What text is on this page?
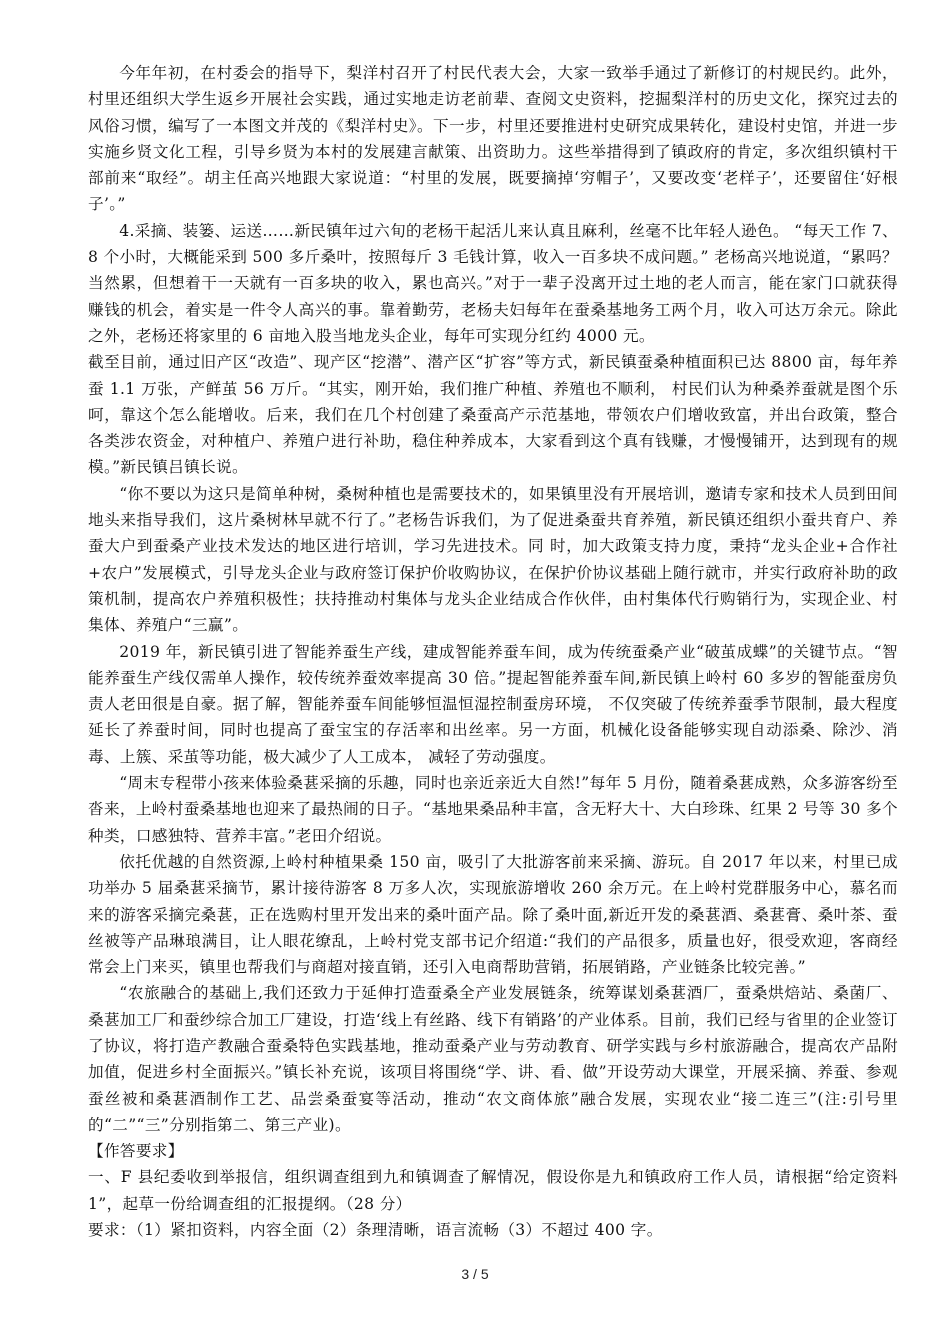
今年年初，在村委会的指导下，梨洋村召开了村民代表大会，大家一致举手通过了新修订的村规民约。此外，村里还组织大学生返乡开展社会实践，通过实地走访老前辈、查阅文史资料，挖掘梨洋村的历史文化，探究过去的风俗习惯，编写了一本图文并茂的《梨洋村史》。下一步，村里还要推进村史研究成果转化，建设村史馆，并进一步实施乡贤文化工程，引导乡贤为本村的发展建言献策、出资助力。这些举措得到了镇政府的肯定，多次组织镇村干部前来“取经”。胡主任高兴地跟大家说道：“村里的发展，既要摘掉‘穷帽子’，又要改变‘老样子’，还要留住‘好根子’。”

4.采摘、装篓、运送……新民镇年过六旬的老杨干起活儿来认真且麻利，丝毫不比年轻人逊色。 “每天工作 7、8 个小时，大概能采到 500 多斤桑叶，按照每斤 3 毛钱计算，收入一百多块不成问题。” 老杨高兴地说道，“累吗？当然累，但想着干一天就有一百多块的收入，累也高兴。”对于一辈子没离开过土地的老人而言，能在家门口就获得赚钱的机会，着实是一件令人高兴的事。靠着勤劳，老杨夫妇每年在蚕桑基地务工两个月，收入可达万余元。除此之外，老杨还将家里的 6 亩地入股当地龙头企业，每年可实现分红约 4000 元。

截至目前，通过旧产区“改造”、现产区“挖潜”、潜产区“扩容”等方式，新民镇蚕桑种植面积已达 8800 亩，每年养蚕 1.1 万张，产鲜茧 56 万斤。“其实，刚开始，我们推广种植、养殖也不顺利， 村民们认为种桑养蚕就是图个乐呵，靠这个怎么能增收。后来，我们在几个村创建了桑蚕高产示范基地，带领农户们增收致富，并出台政策，整合各类涉农资金，对种植户、养殖户进行补助，稳住种养成本，大家看到这个真有钱赚，才慢慢铺开，达到现有的规模。”新民镇吕镇长说。

“你不要以为这只是简单种树，桑树种植也是需要技术的，如果镇里没有开展培训，邀请专家和技术人员到田间地头来指导我们，这片桑树林早就不行了。”老杨告诉我们，为了促进桑蚕共育养殖，新民镇还组织小蚕共育户、养蚕大户到蚕桑产业技术发达的地区进行培训，学习先进技术。同 时，加大政策支持力度，秉持“龙头企业+合作社+农户”发展模式，引导龙头企业与政府签订保护价收购协议，在保护价协议基础上随行就市，并实行政府补助的政策机制，提高农户养殖积极性；扶持推动村集体与龙头企业结成合作伙伴，由村集体代行购销行为，实现企业、村集体、养殖户“三赢”。

2019 年，新民镇引进了智能养蚕生产线，建成智能养蚕车间，成为传统蚕桑产业“破茧成蝶”的关键节点。“智能养蚕生产线仅需单人操作，较传统养蚕效率提高 30 倍。”提起智能养蚕车间,新民镇上岭村 60 多岁的智能蚕房负责人老田很是自豪。据了解，智能养蚕车间能够恒温恒湿控制蚕房环境， 不仅突破了传统养蚕季节限制，最大程度延长了养蚕时间，同时也提高了蚕宝宝的存活率和出丝率。另一方面，机械化设备能够实现自动添桑、除沙、消毒、上簇、采茧等功能，极大减少了人工成本， 减轻了劳动强度。

“周末专程带小孩来体验桑葚采摘的乐趣，同时也亲近亲近大自然!”每年 5 月份，随着桑葚成熟，众多游客纷至沓来，上岭村蚕桑基地也迎来了最热闹的日子。“基地果桑品种丰富，含无籽大十、大白珍珠、红果 2 号等 30 多个种类，口感独特、营养丰富。”老田介绍说。

依托优越的自然资源,上岭村种植果桑 150 亩，吸引了大批游客前来采摘、游玩。自 2017 年以来，村里已成功举办 5 届桑葚采摘节，累计接待游客 8 万多人次，实现旅游增收 260 余万元。在上岭村党群服务中心，慕名而来的游客采摘完桑葚，正在选购村里开发出来的桑叶面产品。除了桑叶面,新近开发的桑葚酒、桑葚膏、桑叶茶、蚕丝被等产品琳琅满目，让人眼花缭乱，上岭村党支部书记介绍道:“我们的产品很多，质量也好，很受欢迎，客商经常会上门来买，镇里也帮我们与商超对接直销，还引入电商帮助营销，拓展销路，产业链条比较完善。”

“农旅融合的基础上,我们还致力于延伸打造蚕桑全产业发展链条，统筹谋划桑葚酒厂，蚕桑烘焙站、桑菌厂、桑葚加工厂和蚕纱综合加工厂建设，打造‘线上有丝路、线下有销路’的产业体系。目前，我们已经与省里的企业签订了协议，将打造产教融合蚕桑特色实践基地，推动蚕桑产业与劳动教育、研学实践与乡村旅游融合，提高农产品附加值，促进乡村全面振兴。”镇长补充说，该项目将围绕“学、讲、看、做”开设劳动大课堂，开展采摘、养蚕、参观蚕丝被和桑葚酒制作工艺、品尝桑蚕宴等活动，推动“农文商体旅”融合发展，实现农业“接二连三”(注:引号里的“二”“三”分别指第二、第三产业)。

【作答要求】

一、F 县纪委收到举报信，组织调查组到九和镇调查了解情况，假设你是九和镇政府工作人员，请根据“给定资料 1”，起草一份给调查组的汇报提纲。（28 分）

要求：（1）紧扣资料，内容全面（2）条理清晰，语言流畅（3）不超过 400 字。

3 / 5
